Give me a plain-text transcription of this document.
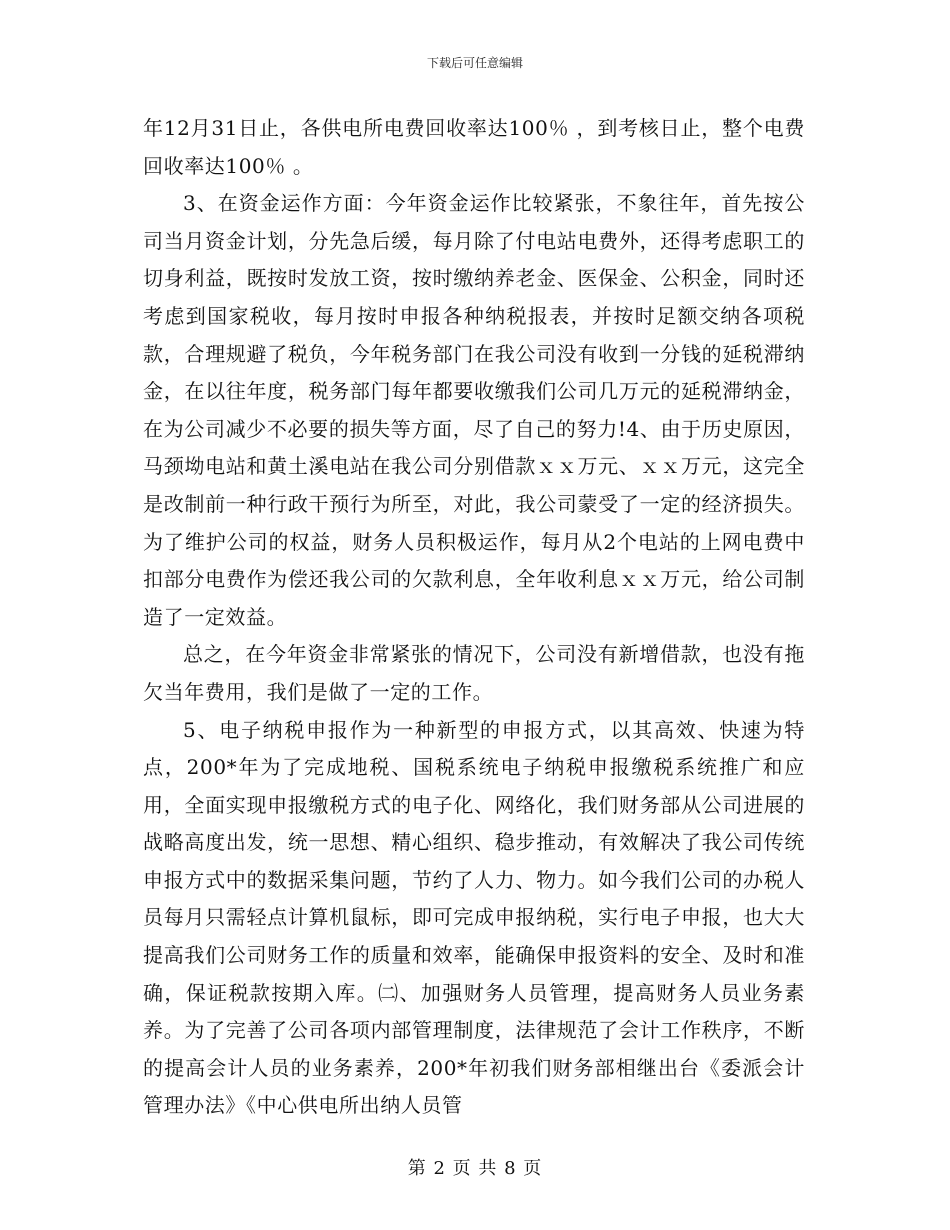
下载后可任意编辑

年12月31日止，各供电所电费回收率达100％ ，到考核日止，整个电费回收率达100％ 。

3、在资金运作方面：今年资金运作比较紧张，不象往年，首先按公司当月资金计划，分先急后缓，每月除了付电站电费外，还得考虑职工的切身利益，既按时发放工资，按时缴纳养老金、医保金、公积金，同时还考虑到国家税收，每月按时申报各种纳税报表，并按时足额交纳各项税款，合理规避了税负，今年税务部门在我公司没有收到一分钱的延税滞纳金，在以往年度，税务部门每年都要收缴我们公司几万元的延税滞纳金，在为公司减少不必要的损失等方面，尽了自己的努力!4、由于历史原因，马颈坳电站和黄土溪电站在我公司分别借款ｘｘ万元、ｘｘ万元，这完全是改制前一种行政干预行为所至，对此，我公司蒙受了一定的经济损失。为了维护公司的权益，财务人员积极运作，每月从2个电站的上网电费中扣部分电费作为偿还我公司的欠款利息，全年收利息ｘｘ万元，给公司制造了一定效益。

总之，在今年资金非常紧张的情况下，公司没有新增借款，也没有拖欠当年费用，我们是做了一定的工作。

5、电子纳税申报作为一种新型的申报方式，以其高效、快速为特点，200*年为了完成地税、国税系统电子纳税申报缴税系统推广和应用，全面实现申报缴税方式的电子化、网络化，我们财务部从公司进展的战略高度出发，统一思想、精心组织、稳步推动，有效解决了我公司传统申报方式中的数据采集问题，节约了人力、物力。如今我们公司的办税人员每月只需轻点计算机鼠标，即可完成申报纳税，实行电子申报，也大大提高我们公司财务工作的质量和效率，能确保申报资料的安全、及时和准确，保证税款按期入库。㈡、加强财务人员管理，提高财务人员业务素养。为了完善了公司各项内部管理制度，法律规范了会计工作秩序，不断的提高会计人员的业务素养，200*年初我们财务部相继出台《委派会计管理办法》《中心供电所出纳人员管

第 2 页 共 8 页
